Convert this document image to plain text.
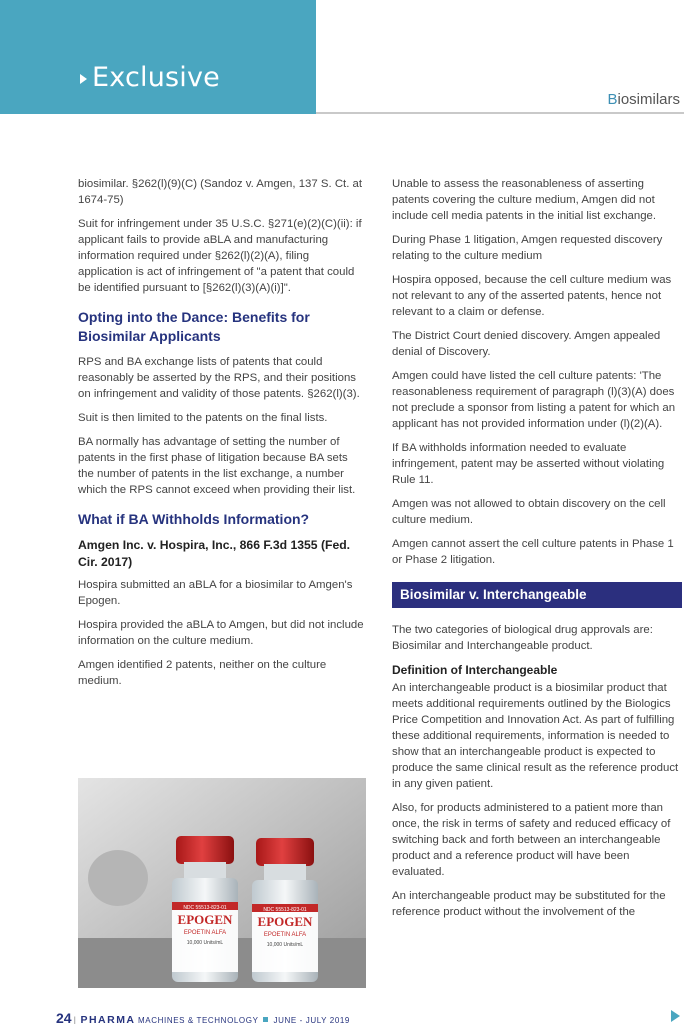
Exclusive
Biosimilars

biosimilar. §262(l)(9)(C) (Sandoz v. Amgen, 137 S. Ct. at 1674-75)

Suit for infringement under 35 U.S.C. §271(e)(2)(C)(ii): if applicant fails to provide aBLA and manufacturing information required under §262(l)(2)(A), filing application is act of infringement of "a patent that could be identified pursuant to [§262(l)(3)(A)(i)]".

Opting into the Dance: Benefits for Biosimilar Applicants

RPS and BA exchange lists of patents that could reasonably be asserted by the RPS, and their positions on infringement and validity of those patents. §262(l)(3).

Suit is then limited to the patents on the final lists.

BA normally has advantage of setting the number of patents in the first phase of litigation because BA sets the number of patents in the list exchange, a number which the RPS cannot exceed when providing their list.

What if BA Withholds Information?
Amgen Inc. v. Hospira, Inc., 866 F.3d 1355 (Fed. Cir. 2017)

Hospira submitted an aBLA for a biosimilar to Amgen's Epogen.

Hospira provided the aBLA to Amgen, but did not include information on the culture medium.

Amgen identified 2 patents, neither on the culture medium.

NDC 55513-823-01
EPOGEN
EPOETIN ALFA
10,000 Units/mL
NDC 55513-823-01
EPOGEN
EPOETIN ALFA
10,000 Units/mL

Unable to assess the reasonableness of asserting patents covering the culture medium, Amgen did not include cell media patents in the initial list exchange.

During Phase 1 litigation, Amgen requested discovery relating to the culture medium

Hospira opposed, because the cell culture medium was not relevant to any of the asserted patents, hence not relevant to a claim or defense.

The District Court denied discovery. Amgen appealed denial of Discovery.

Amgen could have listed the cell culture patents: 'The reasonableness requirement of paragraph (l)(3)(A) does not preclude a sponsor from listing a patent for which an applicant has not provided information under (l)(2)(A).

If BA withholds information needed to evaluate infringement, patent may be asserted without violating Rule 11.

Amgen was not allowed to obtain discovery on the cell culture medium.

Amgen cannot assert the cell culture patents in Phase 1 or Phase 2 litigation.

Biosimilar v. Interchangeable

The two categories of biological drug approvals are: Biosimilar and Interchangeable product.

Definition of Interchangeable

An interchangeable product is a biosimilar product that meets additional requirements outlined by the Biologics Price Competition and Innovation Act. As part of fulfilling these additional requirements, information is needed to show that an interchangeable product is expected to produce the same clinical result as the reference product in any given patient.

Also, for products administered to a patient more than once, the risk in terms of safety and reduced efficacy of switching back and forth between an interchangeable product and a reference product will have been evaluated.

An interchangeable product may be substituted for the reference product without the involvement of the

24 | PHARMA MACHINES & TECHNOLOGY JUNE - JULY 2019
